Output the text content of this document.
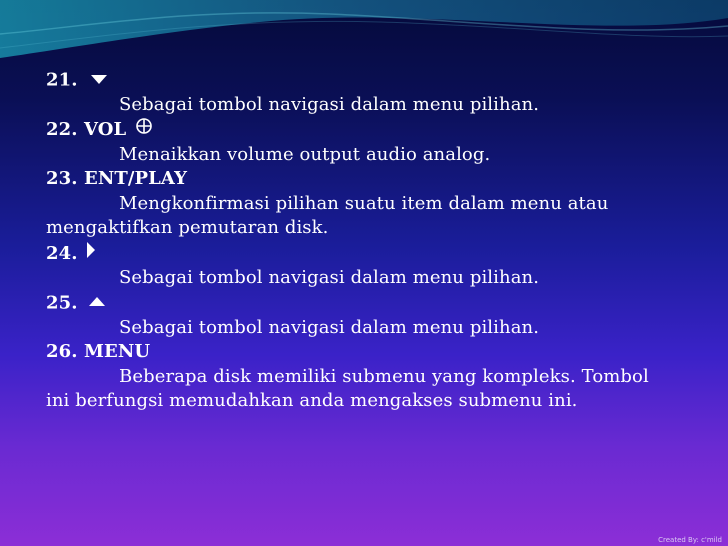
21.
Sebagai tombol navigasi dalam menu pilihan.
22. VOL
Menaikkan volume output audio analog.
23. ENT/PLAY
Mengkonfirmasi pilihan suatu item dalam menu atau mengaktifkan pemutaran disk.
24.
Sebagai tombol navigasi dalam menu pilihan.
25.
Sebagai tombol navigasi dalam menu pilihan.
26. MENU
Beberapa disk memiliki submenu yang kompleks. Tombol ini berfungsi memudahkan anda mengakses submenu ini.
Created By: c'mild
